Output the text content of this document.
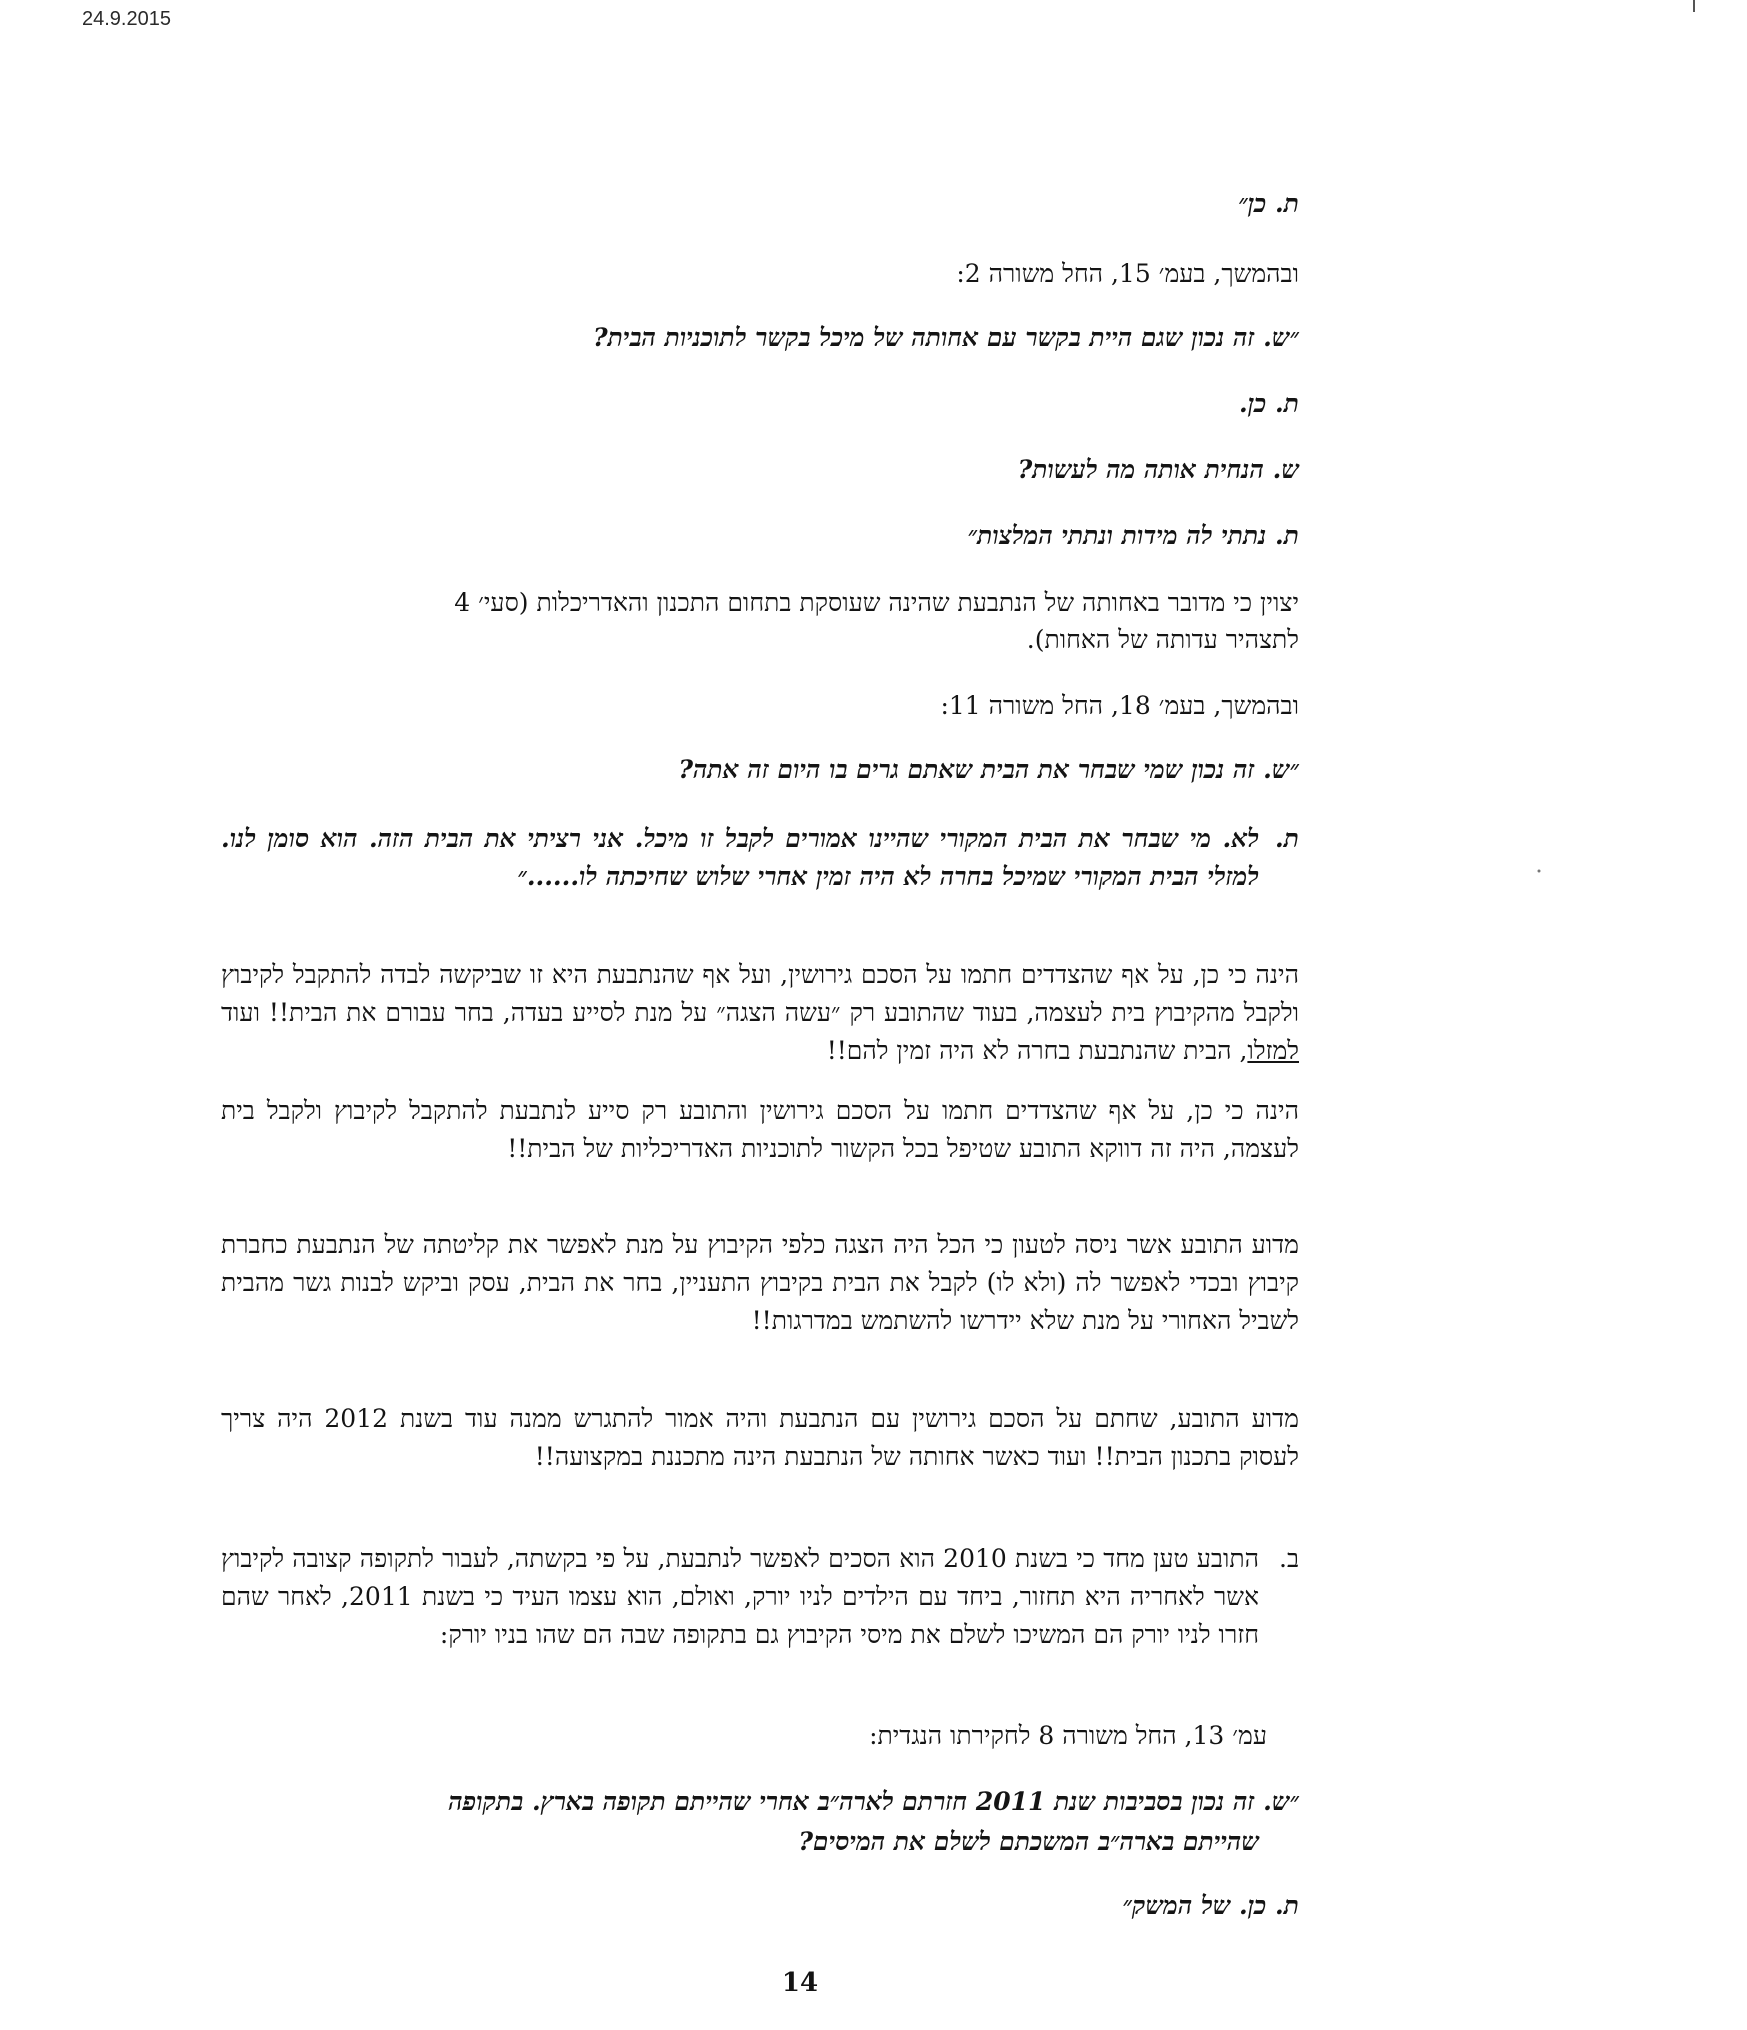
24.9.2015
ת. כן״
ובהמשך, בעמ׳ 15, החל משורה 2:
״ש. זה נכון שגם היית בקשר עם אחותה של מיכל בקשר לתוכניות הבית?
ת. כן.
ש. הנחית אותה מה לעשות?
ת. נתתי לה מידות ונתתי המלצות״
יצוין כי מדובר באחותה של הנתבעת שהינה שעוסקת בתחום התכנון והאדריכלות (סעי׳ 4
לתצהיר עדותה של האחות).
ובהמשך, בעמ׳ 18, החל משורה 11:
״ש. זה נכון שמי שבחר את הבית שאתם גרים בו היום זה אתה?
ת.
לא. מי שבחר את הבית המקורי שהיינו אמורים לקבל זו מיכל. אני רציתי את הבית הזה. הוא סומן לנו. למזלי הבית המקורי שמיכל בחרה לא היה זמין אחרי שלוש שחיכתה לו......״
הינה כי כן, על אף שהצדדים חתמו על הסכם גירושין, ועל אף שהנתבעת היא זו שביקשה לבדה להתקבל לקיבוץ ולקבל מהקיבוץ בית לעצמה, בעוד שהתובע רק ״עשה הצגה״ על מנת לסייע בעדה, בחר עבורם את הבית!! ועוד למזלו, הבית שהנתבעת בחרה לא היה זמין להם!!
הינה כי כן, על אף שהצדדים חתמו על הסכם גירושין והתובע רק סייע לנתבעת להתקבל לקיבוץ ולקבל בית לעצמה, היה זה דווקא התובע שטיפל בכל הקשור לתוכניות האדריכליות של הבית!!
מדוע התובע אשר ניסה לטעון כי הכל היה הצגה כלפי הקיבוץ על מנת לאפשר את קליטתה של הנתבעת כחברת קיבוץ ובכדי לאפשר לה (ולא לו) לקבל את הבית בקיבוץ התעניין, בחר את הבית, עסק וביקש לבנות גשר מהבית לשביל האחורי על מנת שלא יידרשו להשתמש במדרגות!!
מדוע התובע, שחתם על הסכם גירושין עם הנתבעת והיה אמור להתגרש ממנה עוד בשנת 2012 היה צריך לעסוק בתכנון הבית!! ועוד כאשר אחותה של הנתבעת הינה מתכננת במקצועה!!
ב.
התובע טען מחד כי בשנת 2010 הוא הסכים לאפשר לנתבעת, על פי בקשתה, לעבור לתקופה קצובה לקיבוץ אשר לאחריה היא תחזור, ביחד עם הילדים לניו יורק, ואולם, הוא עצמו העיד כי בשנת 2011, לאחר שהם חזרו לניו יורק הם המשיכו לשלם את מיסי הקיבוץ גם בתקופה שבה הם שהו בניו יורק:
עמ׳ 13, החל משורה 8 לחקירתו הנגדית:
״ש. זה נכון בסביבות שנת 2011 חזרתם לארה״ב אחרי שהייתם תקופה בארץ. בתקופה
שהייתם בארה״ב המשכתם לשלם את המיסים?
ת. כן. של המשק״
14
